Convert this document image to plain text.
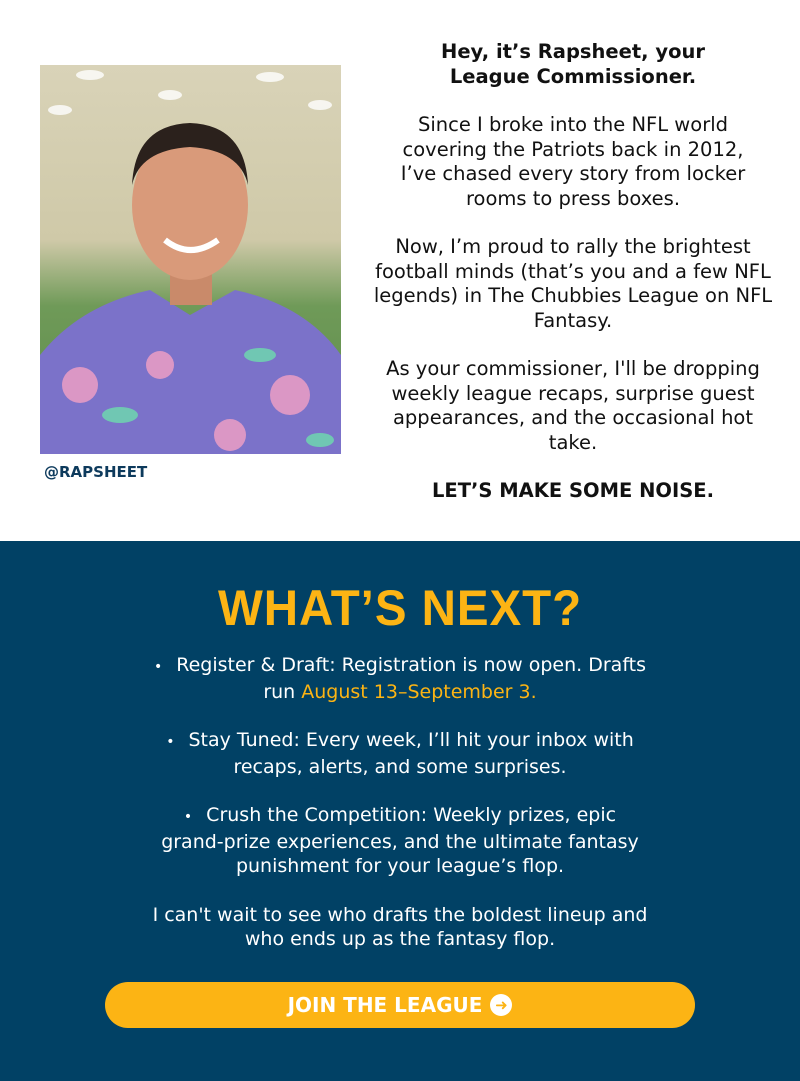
@RAPSHEET

Hey, it’s Rapsheet, your League Commissioner.

Since I broke into the NFL world covering the Patriots back in 2012, I’ve chased every story from locker rooms to press boxes.

Now, I’m proud to rally the brightest football minds (that’s you and a few NFL legends) in The Chubbies League on NFL Fantasy.

As your commissioner, I'll be dropping weekly league recaps, surprise guest appearances, and the occasional hot take.

LET’S MAKE SOME NOISE.

WHAT’S NEXT?
• Register & Draft: Registration is now open. Drafts run August 13–September 3.
• Stay Tuned: Every week, I’ll hit your inbox with recaps, alerts, and some surprises.
• Crush the Competition: Weekly prizes, epic grand-prize experiences, and the ultimate fantasy punishment for your league’s flop.

I can't wait to see who drafts the boldest lineup and who ends up as the fantasy flop.

JOIN THE LEAGUE ➜
